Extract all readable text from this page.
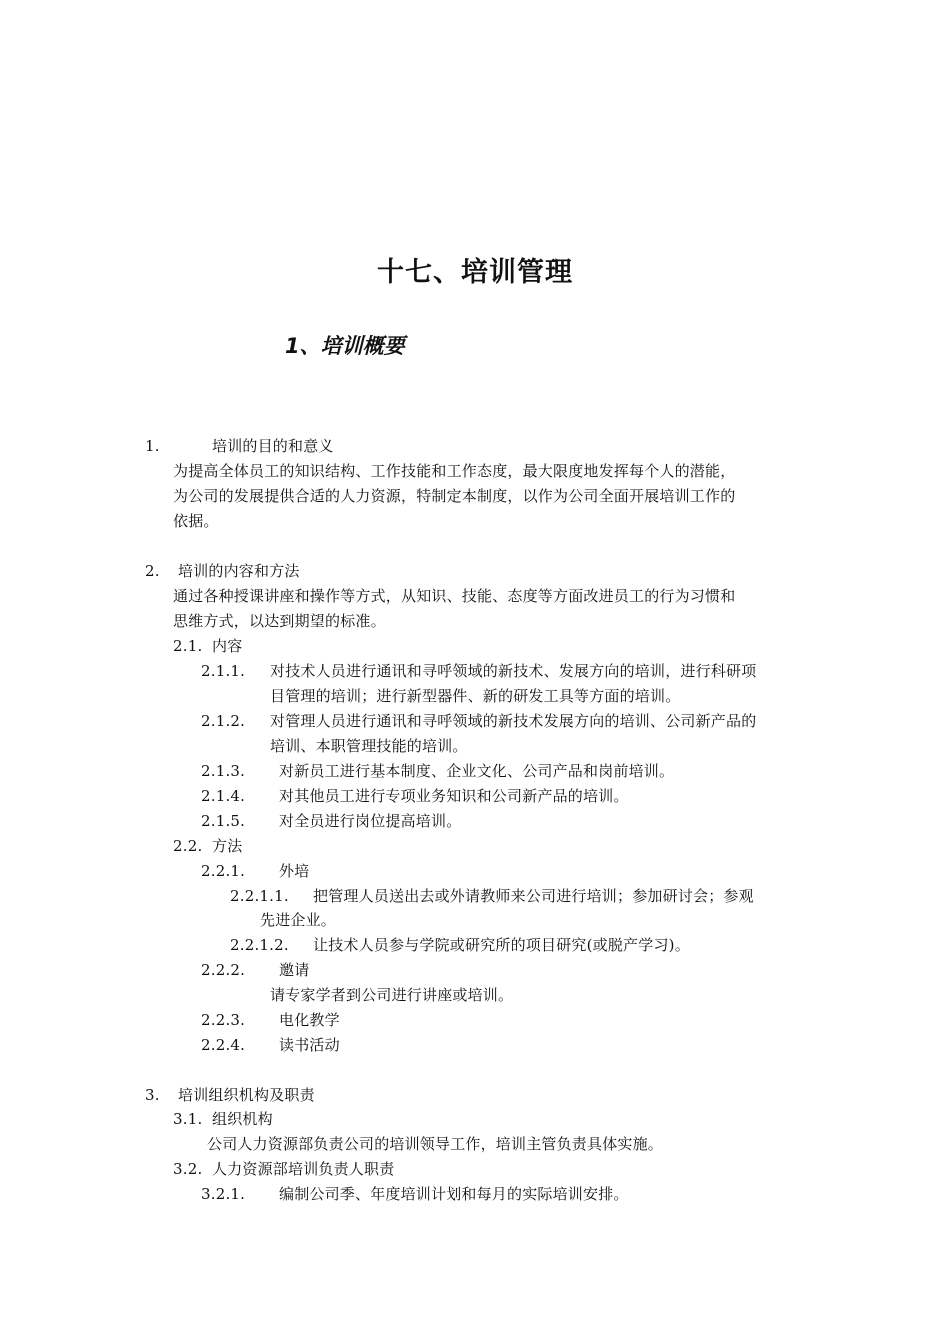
十七、培训管理
1、培训概要
1.	培训的目的和意义
为提高全体员工的知识结构、工作技能和工作态度，最大限度地发挥每个人的潜能，
为公司的发展提供合适的人力资源，特制定本制度，以作为公司全面开展培训工作的
依据。
2. 培训的内容和方法
通过各种授课讲座和操作等方式，从知识、技能、态度等方面改进员工的行为习惯和
思维方式，以达到期望的标准。
2.1. 内容
2.1.1. 对技术人员进行通讯和寻呼领域的新技术、发展方向的培训，进行科研项
目管理的培训；进行新型器件、新的研发工具等方面的培训。
2.1.2. 对管理人员进行通讯和寻呼领域的新技术发展方向的培训、公司新产品的
培训、本职管理技能的培训。
2.1.3. 对新员工进行基本制度、企业文化、公司产品和岗前培训。
2.1.4. 对其他员工进行专项业务知识和公司新产品的培训。
2.1.5. 对全员进行岗位提高培训。
2.2. 方法
2.2.1. 外培
2.2.1.1. 把管理人员送出去或外请教师来公司进行培训；参加研讨会；参观
先进企业。
2.2.1.2. 让技术人员参与学院或研究所的项目研究(或脱产学习)。
2.2.2. 邀请
请专家学者到公司进行讲座或培训。
2.2.3. 电化教学
2.2.4. 读书活动
3. 培训组织机构及职责
3.1. 组织机构
公司人力资源部负责公司的培训领导工作，培训主管负责具体实施。
3.2. 人力资源部培训负责人职责
3.2.1. 编制公司季、年度培训计划和每月的实际培训安排。
